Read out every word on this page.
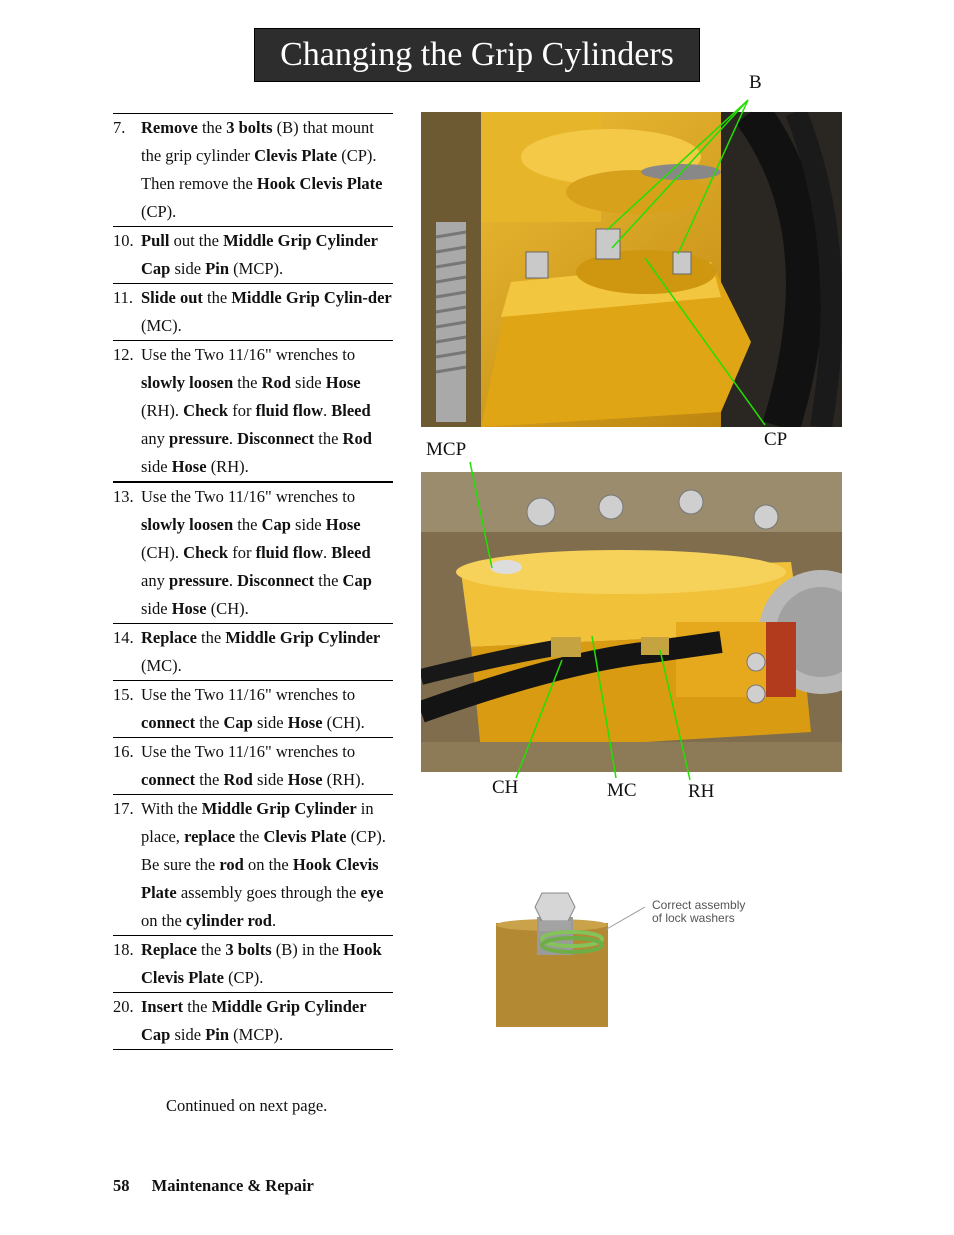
Changing the Grip Cylinders
7. Remove the 3 bolts (B) that mount the grip cylinder Clevis Plate (CP). Then remove the Hook Clevis Plate (CP).
10. Pull out the Middle Grip Cylinder Cap side Pin (MCP).
11. Slide out the Middle Grip Cylin-der (MC).
12. Use the Two 11/16" wrenches to slowly loosen the Rod side Hose (RH). Check for fluid flow. Bleed any pressure. Disconnect the Rod side Hose (RH).
13. Use the Two 11/16" wrenches to slowly loosen the Cap side Hose (CH). Check for fluid flow. Bleed any pressure. Disconnect the Cap side Hose (CH).
14. Replace the Middle Grip Cylinder (MC).
15. Use the Two 11/16" wrenches to connect the Cap side Hose (CH).
16. Use the Two 11/16" wrenches to connect the Rod side Hose (RH).
17. With the Middle Grip Cylinder in place, replace the Clevis Plate (CP). Be sure the rod on the Hook Clevis Plate assembly goes through the eye on the cylinder rod.
18. Replace the 3 bolts (B) in the Hook Clevis Plate (CP).
20. Insert the Middle Grip Cylinder Cap side Pin (MCP).
Continued on next page.
58 Maintenance & Repair
B
CP
MCP
CH	MC	RH
Correct assembly
of lock washers
